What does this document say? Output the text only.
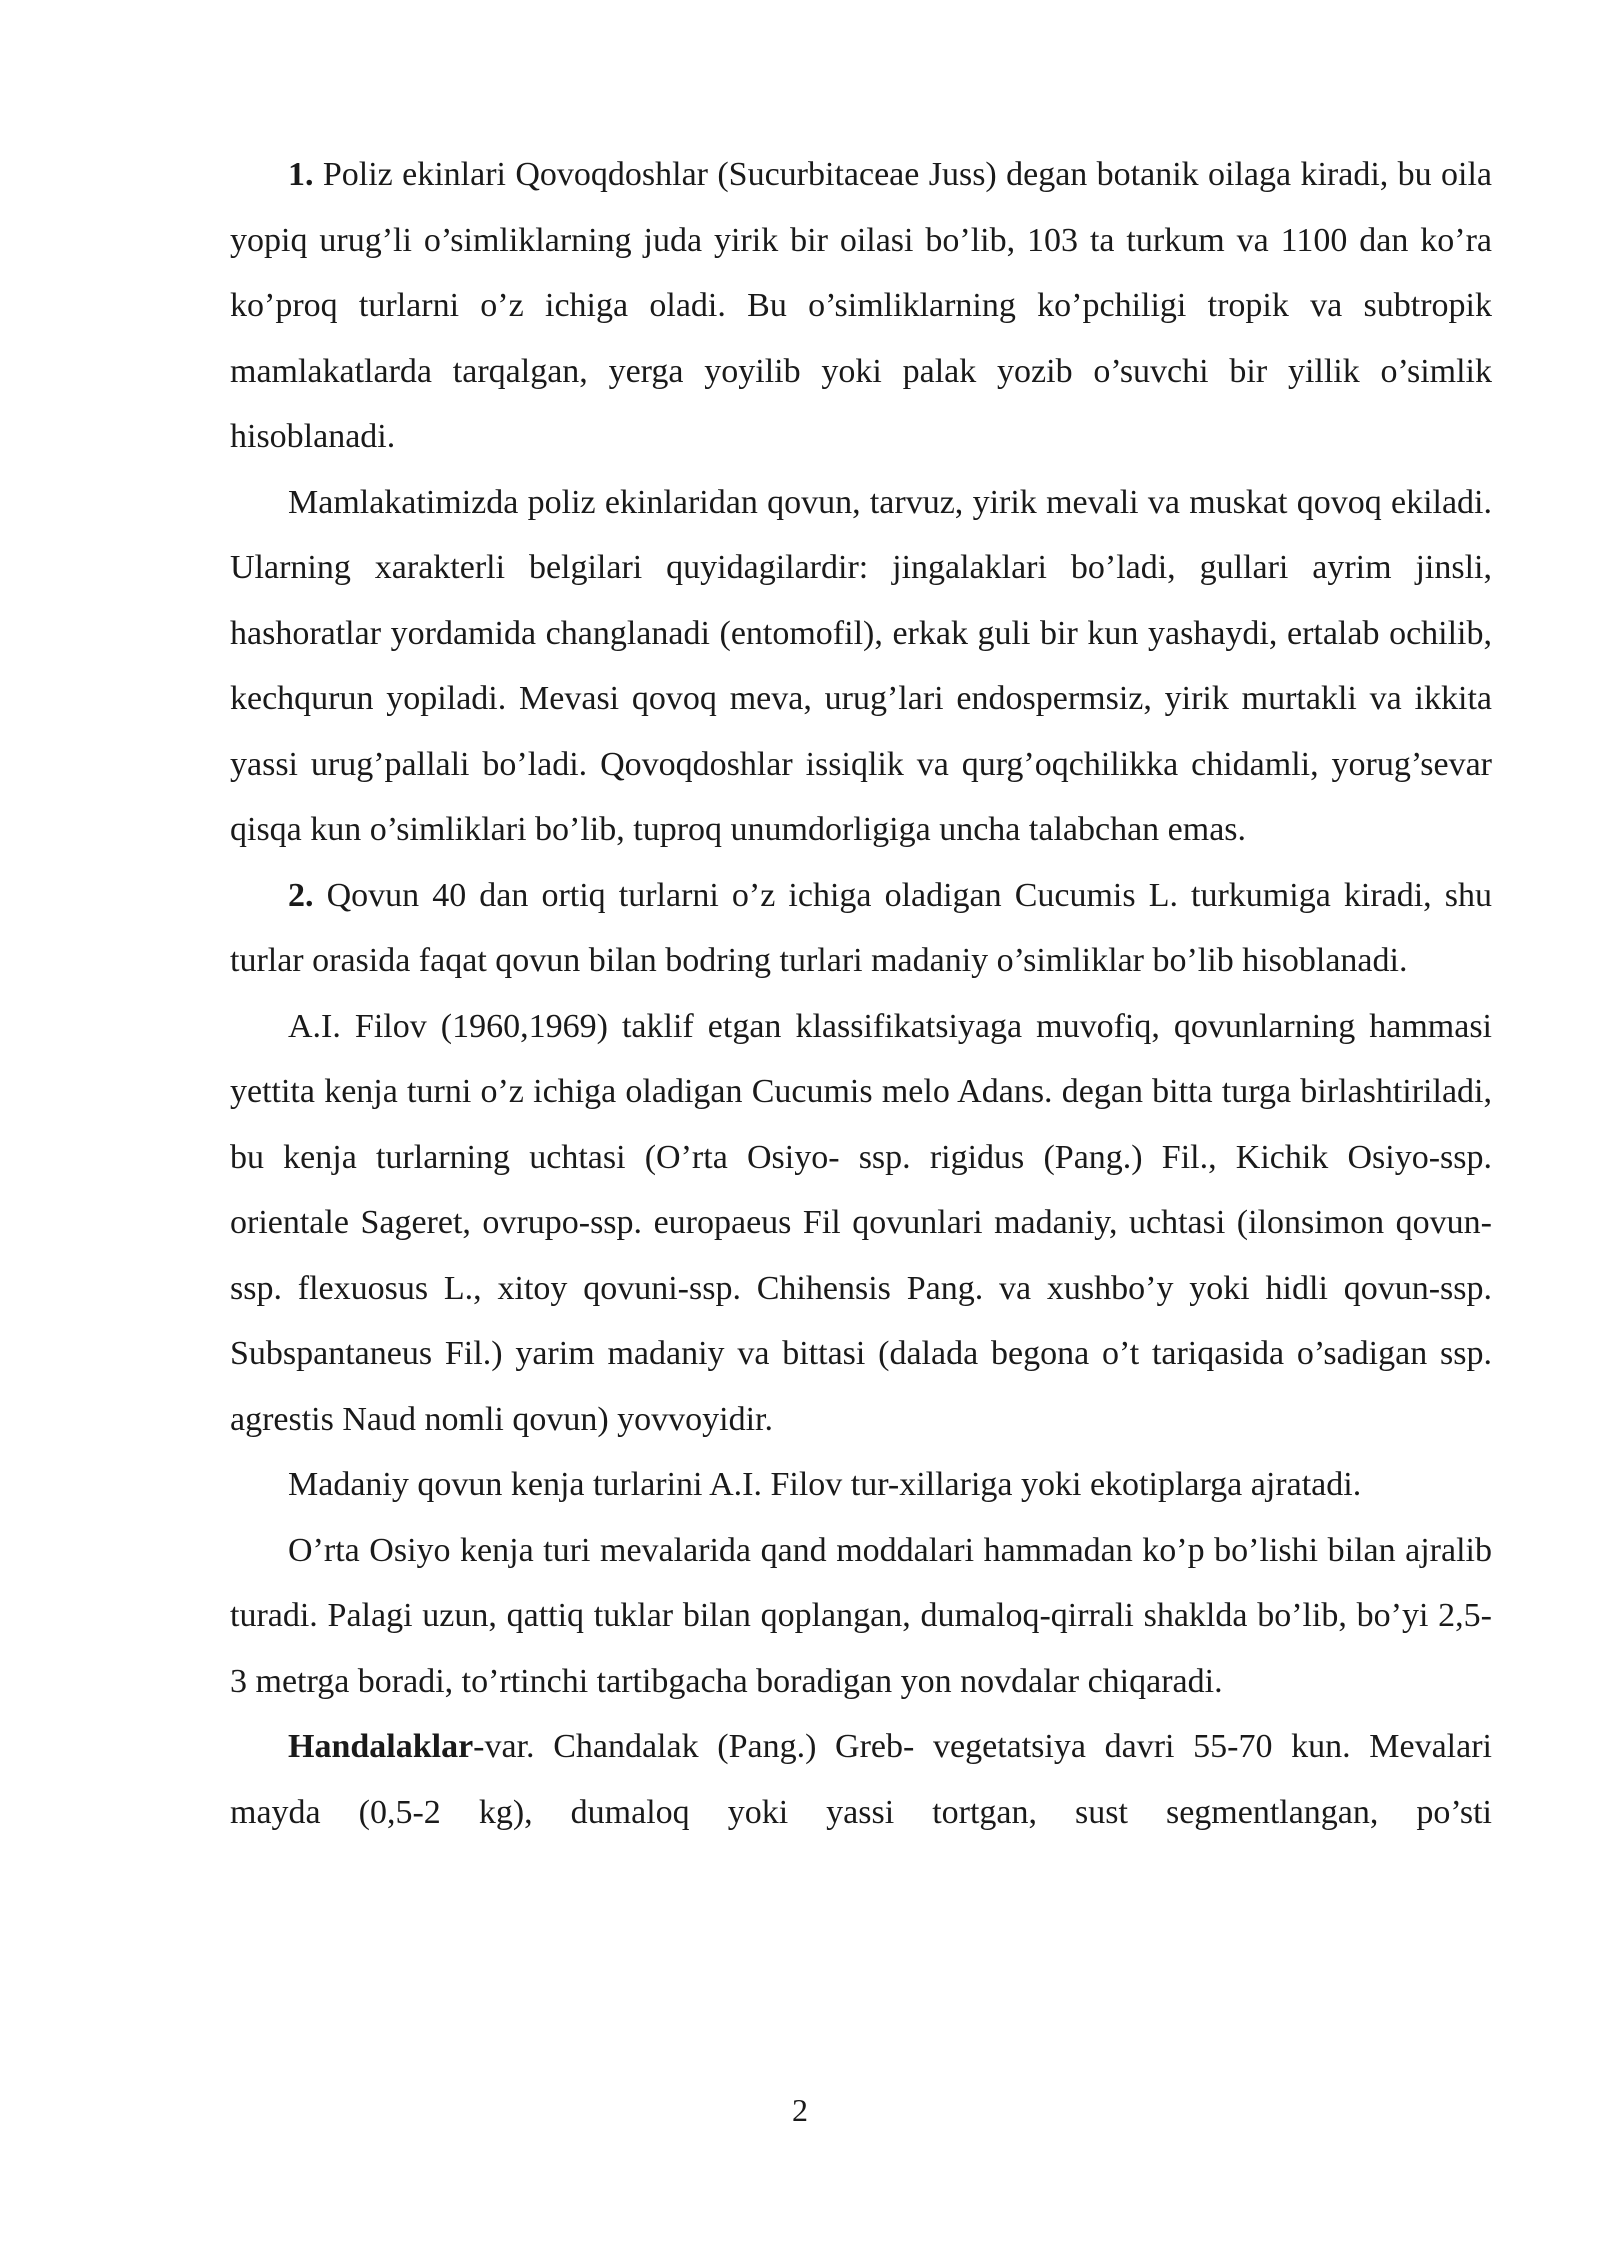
1. Poliz ekinlari Qovoqdoshlar (Sucurbitaceae Juss) degan botanik oilaga kiradi, bu oila yopiq urug’li o’simliklarning juda yirik bir oilasi bo’lib, 103 ta turkum va 1100 dan ko’ra ko’proq turlarni o’z ichiga oladi. Bu o’simliklarning ko’pchiligi tropik va subtropik mamlakatlarda tarqalgan, yerga yoyilib yoki palak yozib o’suvchi bir yillik o’simlik hisoblanadi.

Mamlakatimizda poliz ekinlaridan qovun, tarvuz, yirik mevali va muskat qovoq ekiladi. Ularning xarakterli belgilari quyidagilardir: jingalaklari bo’ladi, gullari ayrim jinsli, hashoratlar yordamida changlanadi (entomofil), erkak guli bir kun yashaydi, ertalab ochilib, kechqurun yopiladi. Mevasi qovoq meva, urug’lari endospermsiz, yirik murtakli va ikkita yassi urug’pallali bo’ladi. Qovoqdoshlar issiqlik va qurg’oqchilikka chidamli, yorug’sevar qisqa kun o’simliklari bo’lib, tuproq unumdorligiga uncha talabchan emas.

2. Qovun 40 dan ortiq turlarni o’z ichiga oladigan Cucumis L. turkumiga kiradi, shu turlar orasida faqat qovun bilan bodring turlari madaniy o’simliklar bo’lib hisoblanadi.

A.I. Filov (1960,1969) taklif etgan klassifikatsiyaga muvofiq, qovunlarning hammasi yettita kenja turni o’z ichiga oladigan Cucumis melo Adans. degan bitta turga birlashtiriladi, bu kenja turlarning uchtasi (O’rta Osiyo- ssp. rigidus (Pang.) Fil., Kichik Osiyo-ssp. orientale Sageret, ovrupo-ssp. europaeus Fil qovunlari madaniy, uchtasi (ilonsimon qovun-ssp. flexuosus L., xitoy qovuni-ssp. Chihensis Pang. va xushbo’y yoki hidli qovun-ssp. Subspantaneus Fil.) yarim madaniy va bittasi (dalada begona o’t tariqasida o’sadigan ssp. agrestis Naud nomli qovun) yovvoyidir.

Madaniy qovun kenja turlarini A.I. Filov tur-xillariga yoki ekotiplarga ajratadi.

O’rta Osiyo kenja turi mevalarida qand moddalari hammadan ko’p bo’lishi bilan ajralib turadi. Palagi uzun, qattiq tuklar bilan qoplangan, dumaloq-qirrali shaklda bo’lib, bo’yi 2,5-3 metrga boradi, to’rtinchi tartibgacha boradigan yon novdalar chiqaradi.

Handalaklar-var. Chandalak (Pang.) Greb- vegetatsiya davri 55-70 kun. Mevalari mayda (0,5-2 kg), dumaloq yoki yassi tortgan, sust segmentlangan, po’sti

2
